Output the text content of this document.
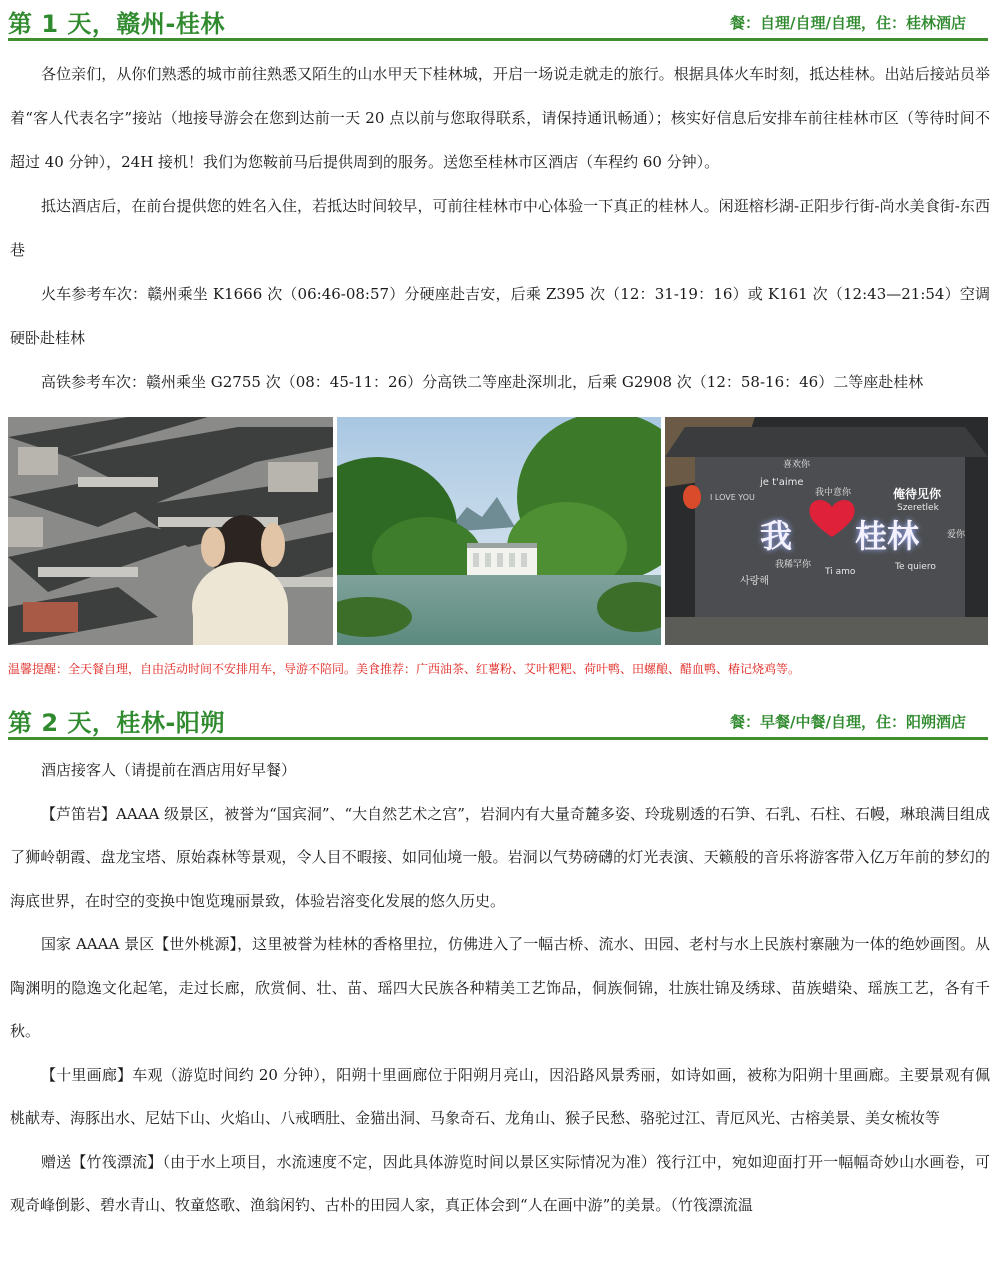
第 1 天，赣州-桂林	餐：自理/自理/自理，住：桂林酒店

各位亲们，从你们熟悉的城市前往熟悉又陌生的山水甲天下桂林城，开启一场说走就走的旅行。根据具体火车时刻，抵达桂林。出站后接站员举着“客人代表名字”接站（地接导游会在您到达前一天 20 点以前与您取得联系，请保持通讯畅通）；核实好信息后安排车前往桂林市区（等待时间不超过 40 分钟），24H 接机！我们为您鞍前马后提供周到的服务。送您至桂林市区酒店（车程约 60 分钟）。

抵达酒店后，在前台提供您的姓名入住，若抵达时间较早，可前往桂林市中心体验一下真正的桂林人。闲逛榕杉湖-正阳步行街-尚水美食街-东西巷

火车参考车次：赣州乘坐 K1666 次（06:46-08:57）分硬座赴吉安，后乘 Z395 次（12：31-19：16）或 K161 次（12:43—21:54）空调硬卧赴桂林

高铁参考车次：赣州乘坐 G2755 次（08：45-11：26）分高铁二等座赴深圳北，后乘 G2908 次（12：58-16：46）二等座赴桂林

我 桂林
I LOVE YOU
je t'aime
俺待见你
Szeretlek
我中意你
喜欢你
爱你
我稀罕你
사랑해
Ti amo	Te quiero
温馨提醒：全天餐自理，自由活动时间不安排用车，导游不陪同。美食推荐：广西油茶、红薯粉、艾叶粑粑、荷叶鸭、田螺酿、醋血鸭、椿记烧鸡等。
第 2 天，桂林-阳朔	餐：早餐/中餐/自理，住：阳朔酒店

酒店接客人（请提前在酒店用好早餐）

【芦笛岩】AAAA 级景区，被誉为“国宾洞”、“大自然艺术之宫”，岩洞内有大量奇麓多姿、玲珑剔透的石笋、石乳、石柱、石幔，琳琅满目组成了狮岭朝霞、盘龙宝塔、原始森林等景观，令人目不暇接、如同仙境一般。岩洞以气势磅礴的灯光表演、天籁般的音乐将游客带入亿万年前的梦幻的海底世界，在时空的变换中饱览瑰丽景致，体验岩溶变化发展的悠久历史。

国家 AAAA 景区【世外桃源】，这里被誉为桂林的香格里拉，仿佛进入了一幅古桥、流水、田园、老村与水上民族村寨融为一体的绝妙画图。从陶渊明的隐逸文化起笔，走过长廊，欣赏侗、壮、苗、瑶四大民族各种精美工艺饰品，侗族侗锦，壮族壮锦及绣球、苗族蜡染、瑶族工艺，各有千秋。

【十里画廊】车观（游览时间约 20 分钟），阳朔十里画廊位于阳朔月亮山，因沿路风景秀丽，如诗如画，被称为阳朔十里画廊。主要景观有佩桃献寿、海豚出水、尼姑下山、火焰山、八戒晒肚、金猫出洞、马象奇石、龙角山、猴子民愁、骆驼过江、青厄风光、古榕美景、美女梳妆等

赠送【竹筏漂流】（由于水上项目，水流速度不定，因此具体游览时间以景区实际情况为准）筏行江中，宛如迎面打开一幅幅奇妙山水画卷，可观奇峰倒影、碧水青山、牧童悠歌、渔翁闲钓、古朴的田园人家，真正体会到“人在画中游”的美景。（竹筏漂流温
